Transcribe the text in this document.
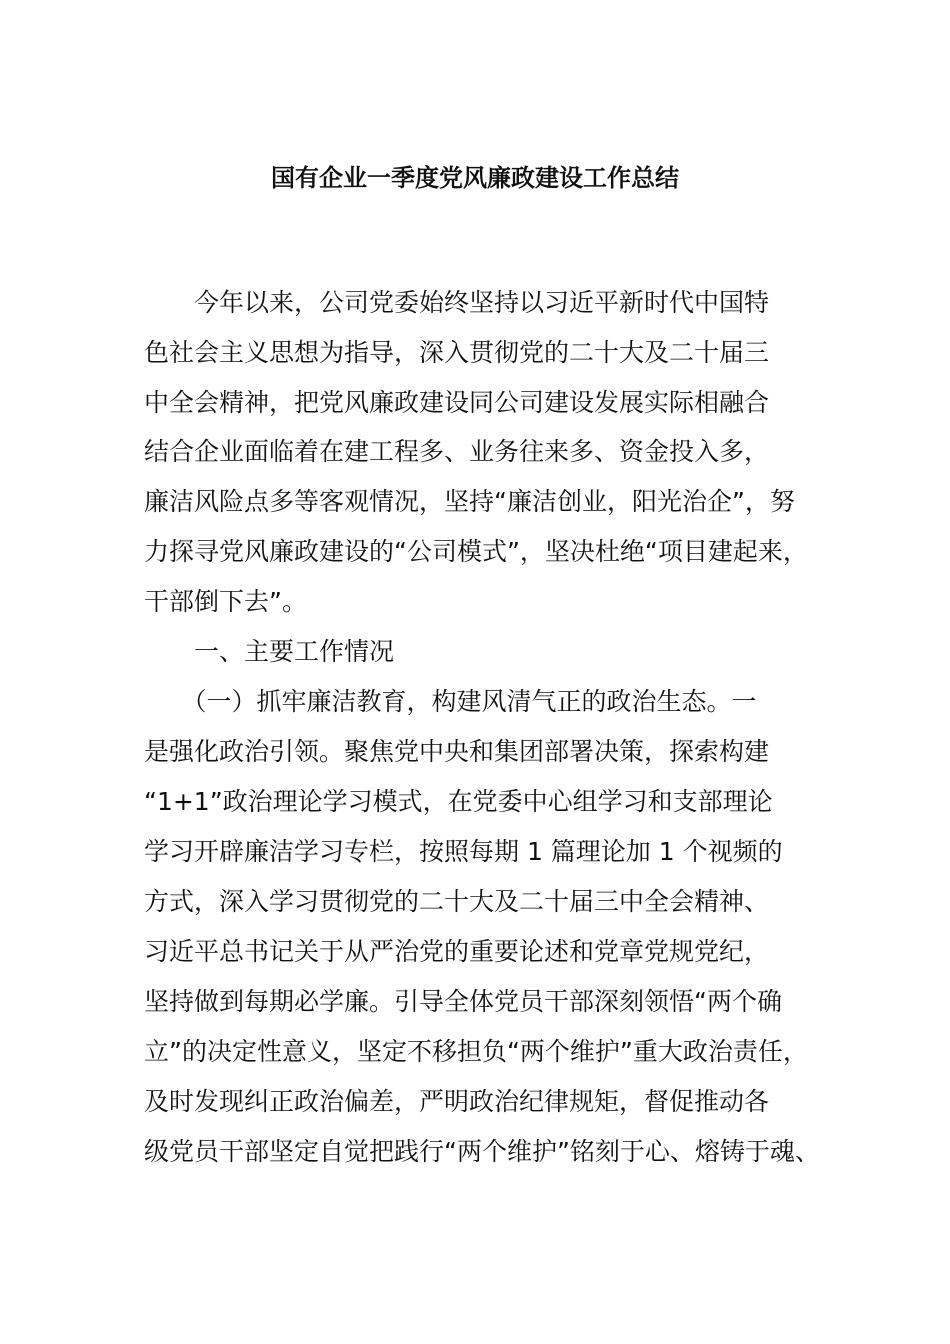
国有企业一季度党风廉政建设工作总结

　　今年以来，公司党委始终坚持以习近平新时代中国特

色社会主义思想为指导，深入贯彻党的二十大及二十届三

中全会精神，把党风廉政建设同公司建设发展实际相融合

结合企业面临着在建工程多、业务往来多、资金投入多，

廉洁风险点多等客观情况，坚持“廉洁创业，阳光治企”，努

力探寻党风廉政建设的“公司模式”，坚决杜绝“项目建起来，

干部倒下去”。

　　一、主要工作情况

　　（一）抓牢廉洁教育，构建风清气正的政治生态。一

是强化政治引领。聚焦党中央和集团部署决策，探索构建

“1+1”政治理论学习模式，在党委中心组学习和支部理论

学习开辟廉洁学习专栏，按照每期 1 篇理论加 1 个视频的

方式，深入学习贯彻党的二十大及二十届三中全会精神、

习近平总书记关于从严治党的重要论述和党章党规党纪，

坚持做到每期必学廉。引导全体党员干部深刻领悟“两个确

立”的决定性意义，坚定不移担负“两个维护”重大政治责任，

及时发现纠正政治偏差，严明政治纪律规矩，督促推动各

级党员干部坚定自觉把践行“两个维护”铭刻于心、熔铸于魂、
